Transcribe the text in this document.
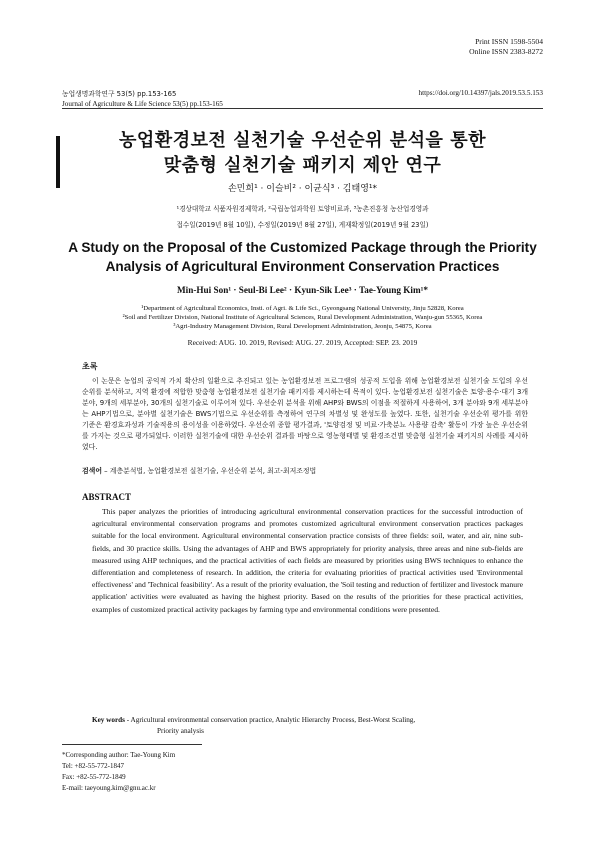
Print ISSN 1598-5504
Online ISSN 2383-8272
농업생명과학연구 53(5) pp.153-165
Journal of Agriculture & Life Science 53(5) pp.153-165
https://doi.org/10.14397/jals.2019.53.5.153
농업환경보전 실천기술 우선순위 분석을 통한
맞춤형 실천기술 패키지 제안 연구
손민희¹ · 이슬비² · 이균식³ · 김태영¹*
¹경상대학교 식품자원경제학과, ²국립농업과학원 토양비료과, ³농촌진흥청 농산업경영과
접수일(2019년 8월 10일), 수정일(2019년 8월 27일), 게재확정일(2019년 9월 23일)
A Study on the Proposal of the Customized Package through the Priority
Analysis of Agricultural Environment Conservation Practices
Min-Hui Son¹ · Seul-Bi Lee² · Kyun-Sik Lee³ · Tae-Young Kim¹*
¹Department of Agricultural Economics, Insti. of Agri. & Life Sci., Gyeongsang National University, Jinju 52828, Korea
²Soil and Fertilizer Division, National Institute of Agricultural Sciences, Rural Development Administration, Wanju-gun 55365, Korea
³Agri-Industry Management Division, Rural Development Administration, Jeonju, 54875, Korea
Received: AUG. 10. 2019, Revised: AUG. 27. 2019, Accepted: SEP. 23. 2019
초록
이 논문은 농업의 공익적 가치 확산의 일환으로 추진되고 있는 농업환경보전 프로그램의 성공적 도입을 위해 농업환경보전 실천기술 도입의 우선순위를 분석하고, 지역 환경에 적합한 맞춤형 농업환경보전 실천기술 패키지를 제시하는데 목적이 있다. 농업환경보전 실천기술은 토양·용수·대기 3개 분야, 9개의 세부분야, 30개의 실천기술로 이루어져 있다. 우선순위 분석을 위해 AHP와 BWS의 이점을 적절하게 사용하여, 3개 분야와 9개 세부분야는 AHP기법으로, 분야별 실천기술은 BWS기법으로 우선순위를 측정하여 연구의 차별성 및 완성도를 높였다. 또한, 실천기술 우선순위 평가를 위한 기준은 환경효과성과 기술적용의 용이성을 이용하였다. 우선순위 종합 평가결과, '토양검정 및 비료·가축분뇨 사용량 감축' 활동이 가장 높은 우선순위를 가지는 것으로 평가되었다. 이러한 실천기술에 대한 우선순위 결과를 바탕으로 영농형태별 및 환경조건별 맞춤형 실천기술 패키지의 사례를 제시하였다.
검색어 – 계층분석법, 농업환경보전 실천기술, 우선순위 분석, 최고-최저조정법
ABSTRACT
This paper analyzes the priorities of introducing agricultural environmental conservation practices for the successful introduction of agricultural environmental conservation programs and promotes customized agricultural environment conservation practices packages suitable for the local environment. Agricultural environmental conservation practice consists of three fields: soil, water, and air, nine sub-fields, and 30 practice skills. Using the advantages of AHP and BWS appropriately for priority analysis, three areas and nine sub-fields are measured using AHP techniques, and the practical activities of each fields are measured by priorities using BWS techniques to enhance the differentiation and completeness of research. In addition, the criteria for evaluating priorities of practical activities used 'Environmental effectiveness' and 'Technical feasibility'. As a result of the priority evaluation, the 'Soil testing and reduction of fertilizer and livestock manure application' activities were evaluated as having the highest priority. Based on the results of the priorities for these practical activities, examples of customized practical activity packages by farming type and environmental conditions were presented.
Key words - Agricultural environmental conservation practice, Analytic Hierarchy Process, Best-Worst Scaling,
Priority analysis
*Corresponding author: Tae-Young Kim
Tel: +82-55-772-1847
Fax: +82-55-772-1849
E-mail: taeyoung.kim@gnu.ac.kr
